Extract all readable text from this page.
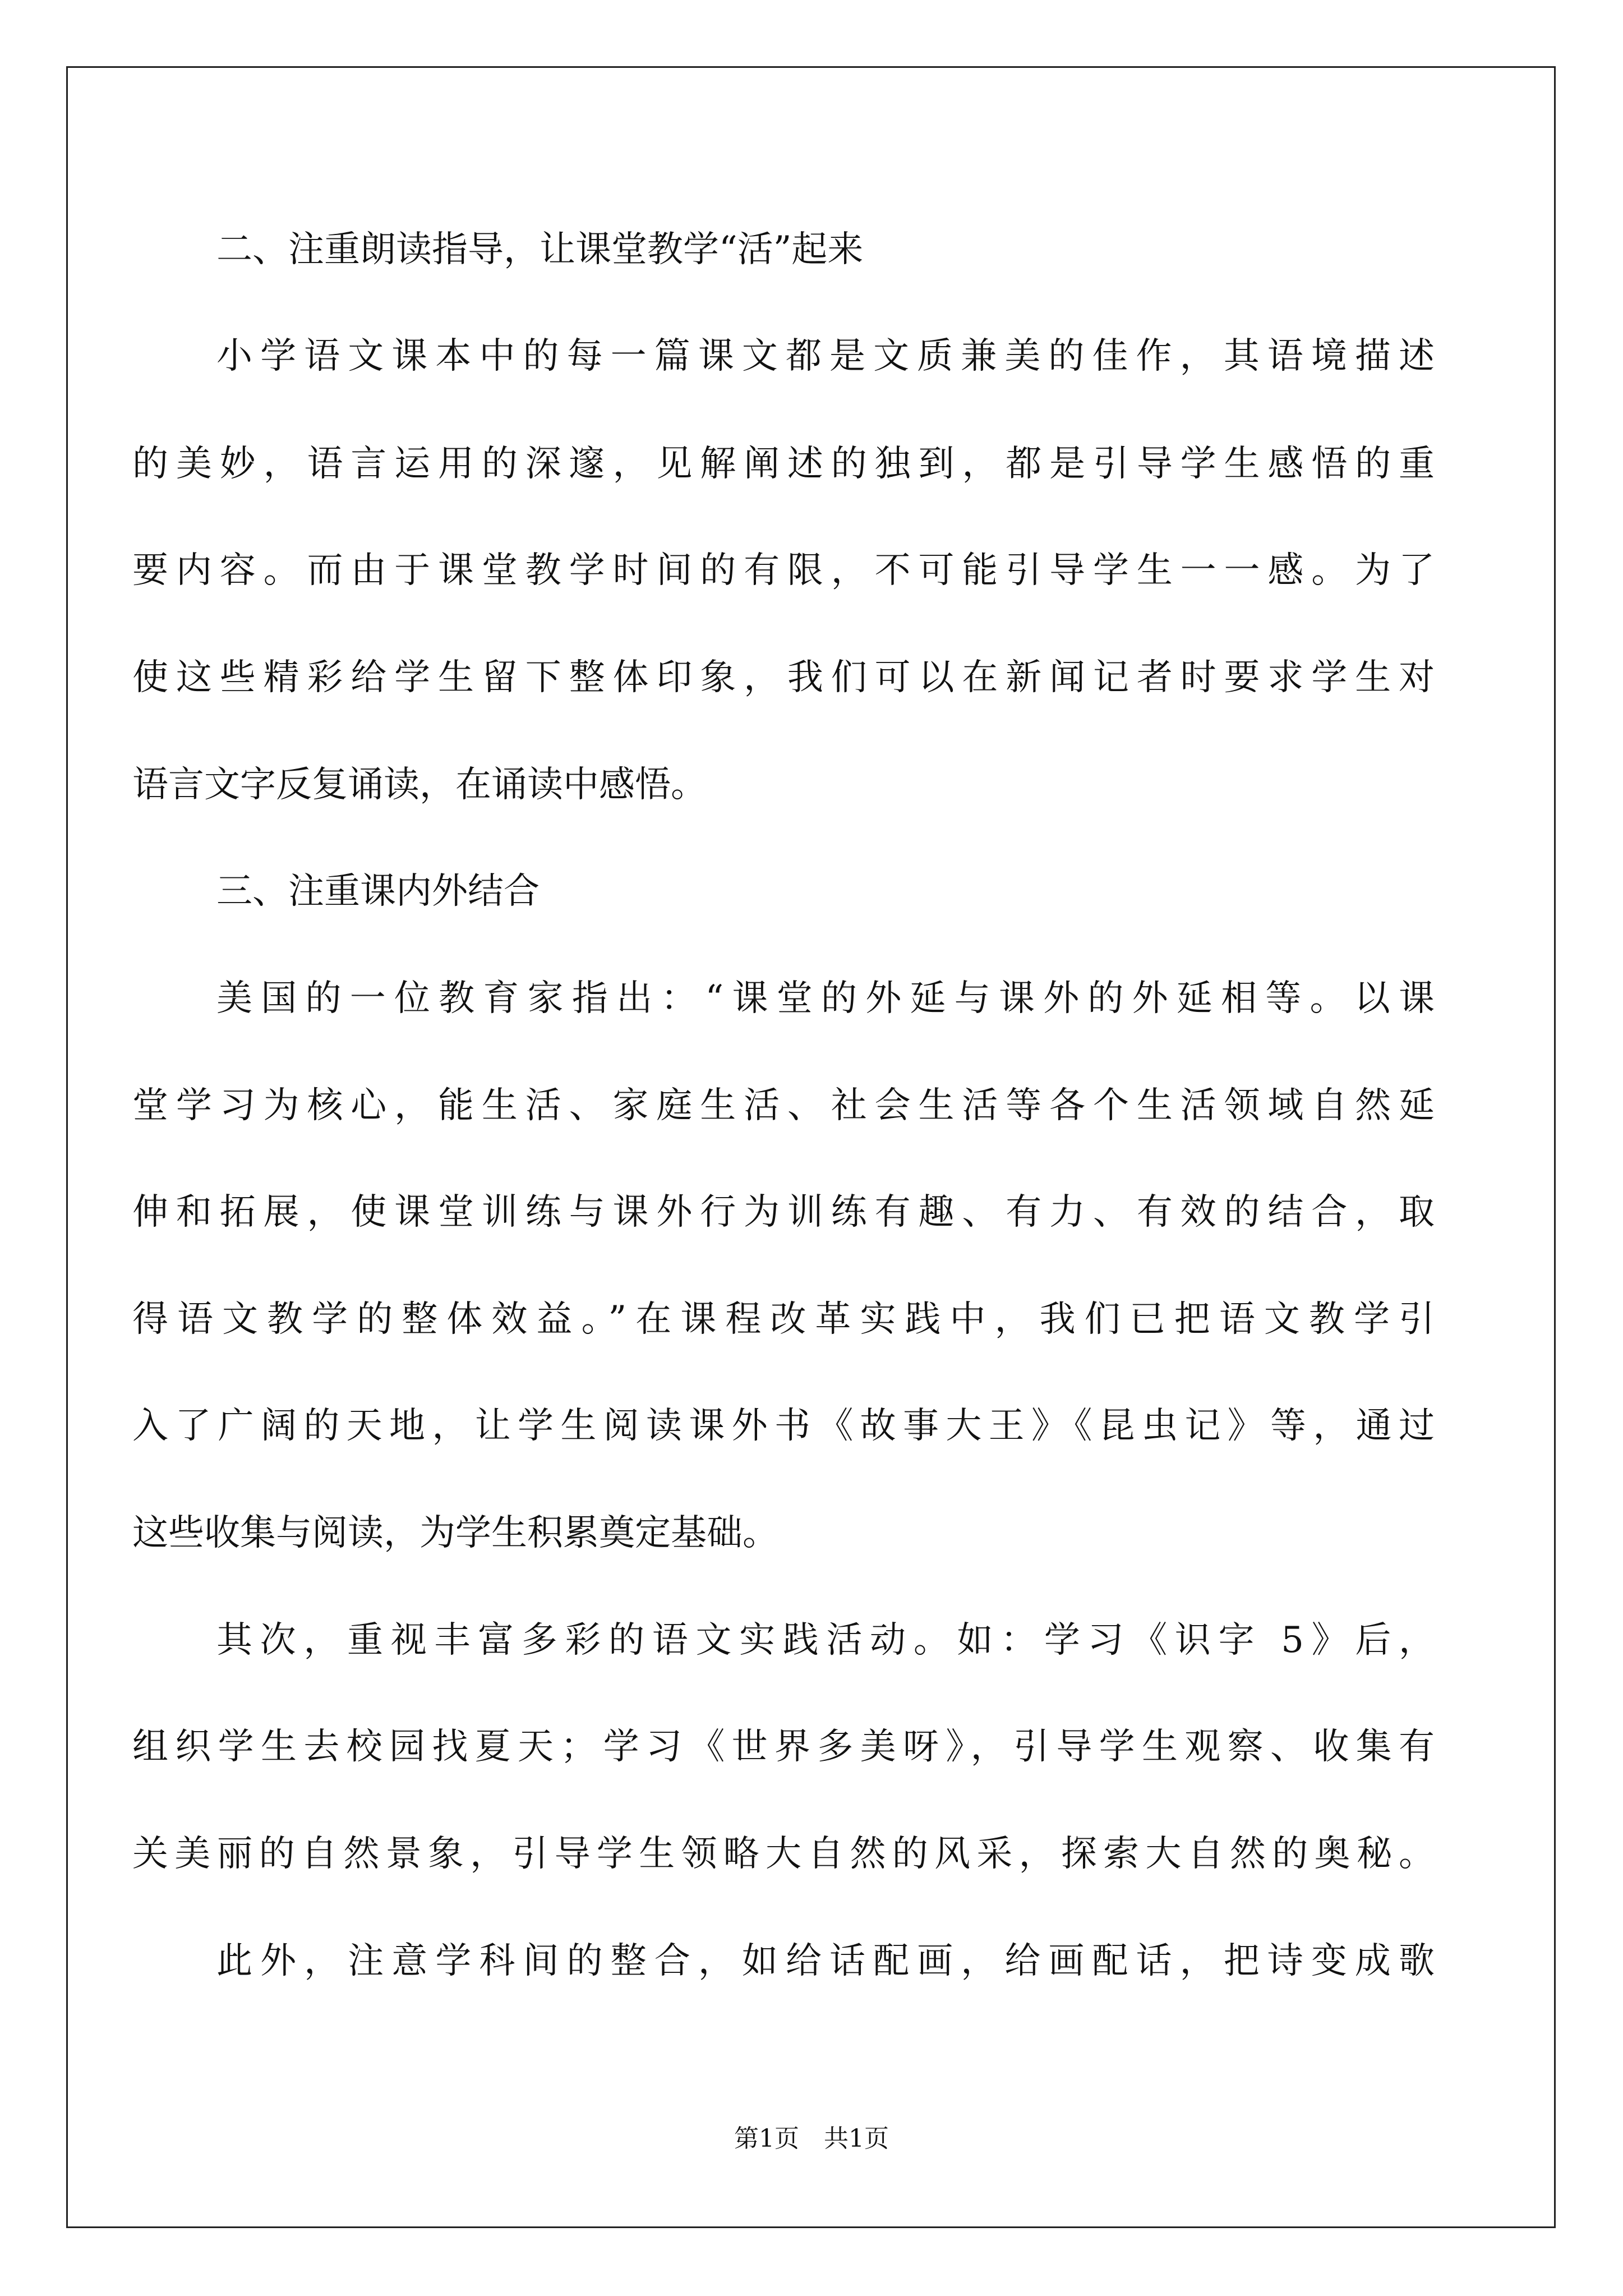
二、注重朗读指导，让课堂教学“活”起来
小学语文课本中的每一篇课文都是文质兼美的佳作，其语境描述
的美妙，语言运用的深邃，见解阐述的独到，都是引导学生感悟的重
要内容。而由于课堂教学时间的有限，不可能引导学生一一感。为了
使这些精彩给学生留下整体印象，我们可以在新闻记者时要求学生对
语言文字反复诵读，在诵读中感悟。
三、注重课内外结合
美国的一位教育家指出：“课堂的外延与课外的外延相等。以课
堂学习为核心，能生活、家庭生活、社会生活等各个生活领域自然延
伸和拓展，使课堂训练与课外行为训练有趣、有力、有效的结合，取
得语文教学的整体效益。”在课程改革实践中，我们已把语文教学引
入了广阔的天地，让学生阅读课外书《故事大王》《昆虫记》等，通过
这些收集与阅读，为学生积累奠定基础。
其次，重视丰富多彩的语文实践活动。如：学习《识字 5》后，
组织学生去校园找夏天；学习《世界多美呀》，引导学生观察、收集有
关美丽的自然景象，引导学生领略大自然的风采，探索大自然的奥秘。
此外，注意学科间的整合，如给话配画，给画配话，把诗变成歌
第1页　共1页
